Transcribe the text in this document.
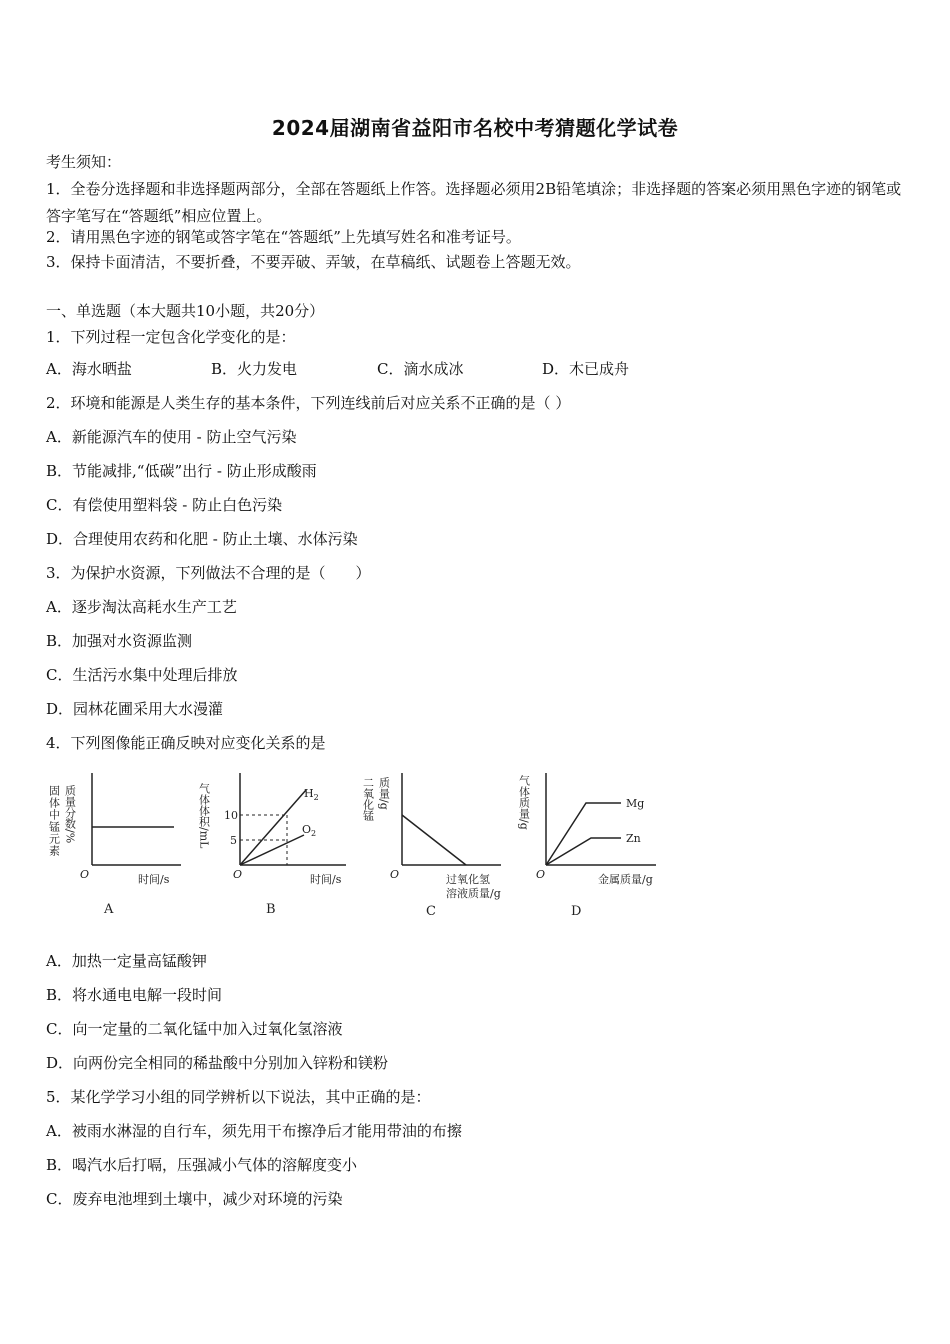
2024届湖南省益阳市名校中考猜题化学试卷
考生须知：
1．全卷分选择题和非选择题两部分，全部在答题纸上作答。选择题必须用2B铅笔填涂；非选择题的答案必须用黑色字迹的钢笔或答字笔写在“答题纸”相应位置上。
2．请用黑色字迹的钢笔或答字笔在“答题纸”上先填写姓名和准考证号。
3．保持卡面清洁，不要折叠，不要弄破、弄皱，在草稿纸、试题卷上答题无效。
一、单选题（本大题共10小题，共20分）
1．下列过程一定包含化学变化的是：
A．海水晒盐	B．火力发电	C．滴水成冰	D．木已成舟
2．环境和能源是人类生存的基本条件，下列连线前后对应关系不正确的是（ ）
A．新能源汽车的使用 - 防止空气污染
B．节能减排,“低碳”出行 - 防止形成酸雨
C．有偿使用塑料袋 - 防止白色污染
D．合理使用农药和化肥 - 防止土壤、水体污染
3．为保护水资源，下列做法不合理的是（　　）
A．逐步淘汰高耗水生产工艺
B．加强对水资源监测
C．生活污水集中处理后排放
D．园林花圃采用大水漫灌
4．下列图像能正确反映对应变化关系的是
固体中锰元素 质量分数/%
O	时间/s
A
气体体积/mL 10
5
$H_2$
$O_2$
O	时间/s
B
二氧化锰 质量/g
O	过氧化氢
溶液质量/g
C
气体质量/g	Mg
Zn
O	金属质量/g
D
A．加热一定量高锰酸钾
B．将水通电电解一段时间
C．向一定量的二氧化锰中加入过氧化氢溶液
D．向两份完全相同的稀盐酸中分别加入锌粉和镁粉
5．某化学学习小组的同学辨析以下说法，其中正确的是：
A．被雨水淋湿的自行车，须先用干布擦净后才能用带油的布擦
B．喝汽水后打嗝，压强减小气体的溶解度变小
C．废弃电池埋到土壤中，减少对环境的污染
